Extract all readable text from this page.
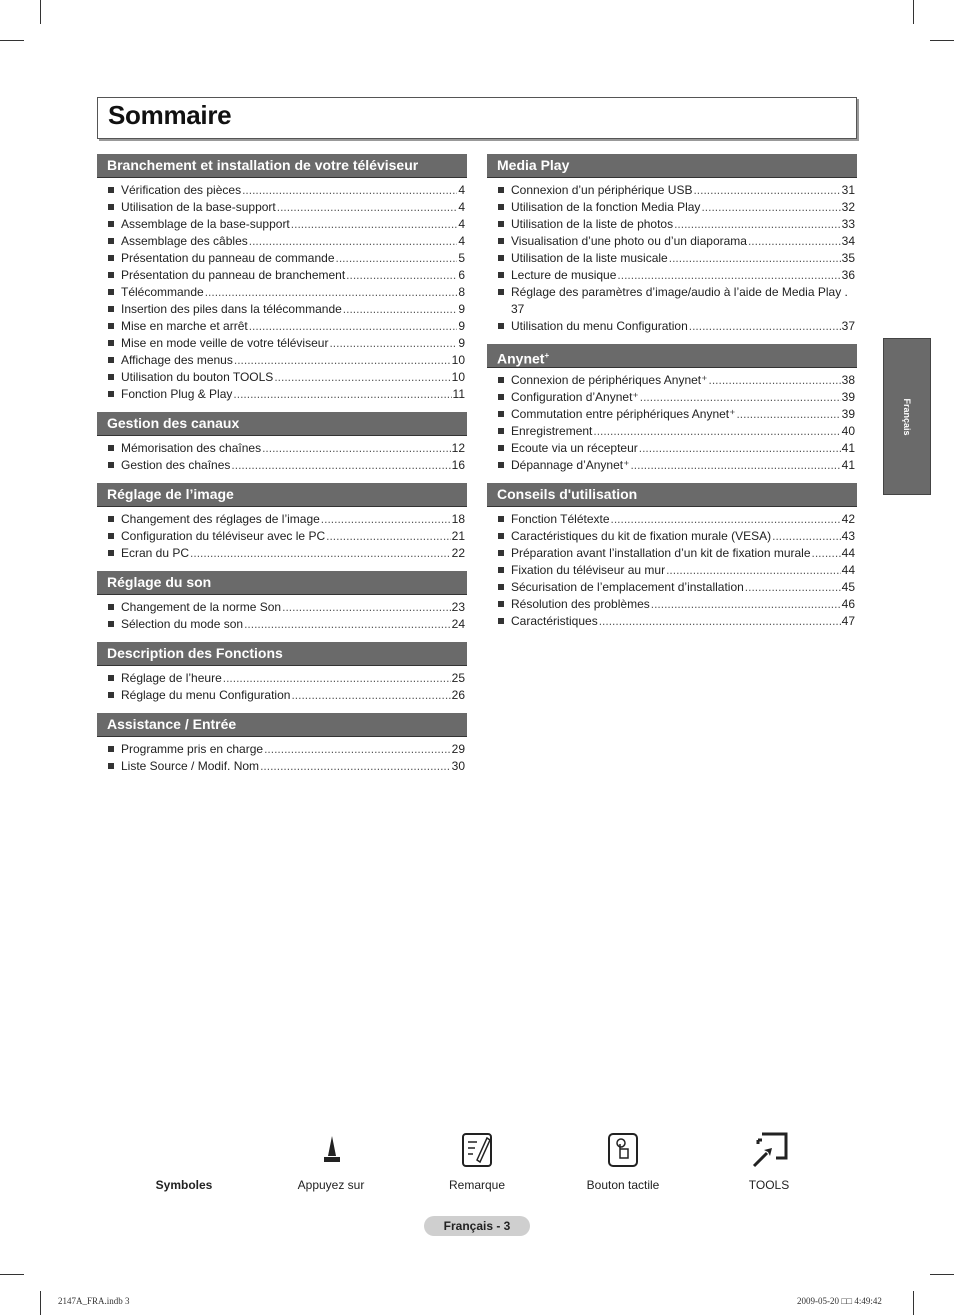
Sommaire
Branchement et installation de votre téléviseur
Vérification des pièces .....	4
Utilisation de la base-support .....	4
Assemblage de la base-support .....	4
Assemblage des câbles .....	4
Présentation du panneau de commande .....	5
Présentation du panneau de branchement .....	6
Télécommande .....	8
Insertion des piles dans la télécommande .....	9
Mise en marche et arrêt .....	9
Mise en mode veille de votre téléviseur .....	9
Affichage des menus .....	10
Utilisation du bouton TOOLS .....	10
Fonction Plug & Play .....	11
Gestion des canaux
Mémorisation des chaînes .....	12
Gestion des chaînes .....	16
Réglage de l’image
Changement des réglages de l’image .....	18
Configuration du téléviseur avec le PC .....	21
Ecran du PC .....	22
Réglage du son
Changement de la norme Son .....	23
Sélection du mode son .....	24
Description des Fonctions
Réglage de l’heure .....	25
Réglage du menu Configuration .....	26
Assistance / Entrée
Programme pris en charge .....	29
Liste Source / Modif. Nom .....	30
Media Play
Connexion d’un périphérique USB .....	31
Utilisation de la fonction Media Play .....	32
Utilisation de la liste de photos .....	33
Visualisation d’une photo ou d’un diaporama .....	34
Utilisation de la liste musicale .....	35
Lecture de musique .....	36
Réglage des paramètres d’image/audio à l’aide de Media Play . 37
Utilisation du menu Configuration .....	37
Anynet+
Connexion de périphériques Anynet⁺ .....	38
Configuration d’Anynet⁺ .....	39
Commutation entre périphériques Anynet⁺ .....	39
Enregistrement .....	40
Ecoute via un récepteur .....	41
Dépannage d’Anynet⁺ .....	41
Conseils d'utilisation
Fonction Télétexte .....	42
Caractéristiques du kit de fixation murale (VESA) .....	43
Préparation avant l’installation d’un kit de fixation murale .....	44
Fixation du téléviseur au mur .....	44
Sécurisation de l’emplacement d’installation .....	45
Résolution des problèmes .....	46
Caractéristiques .....	47
Français
Symboles	Appuyez sur	Remarque	Bouton tactile	TOOLS
Français - 3
2147A_FRA.indb 3	2009-05-20 □□ 4:49:42
